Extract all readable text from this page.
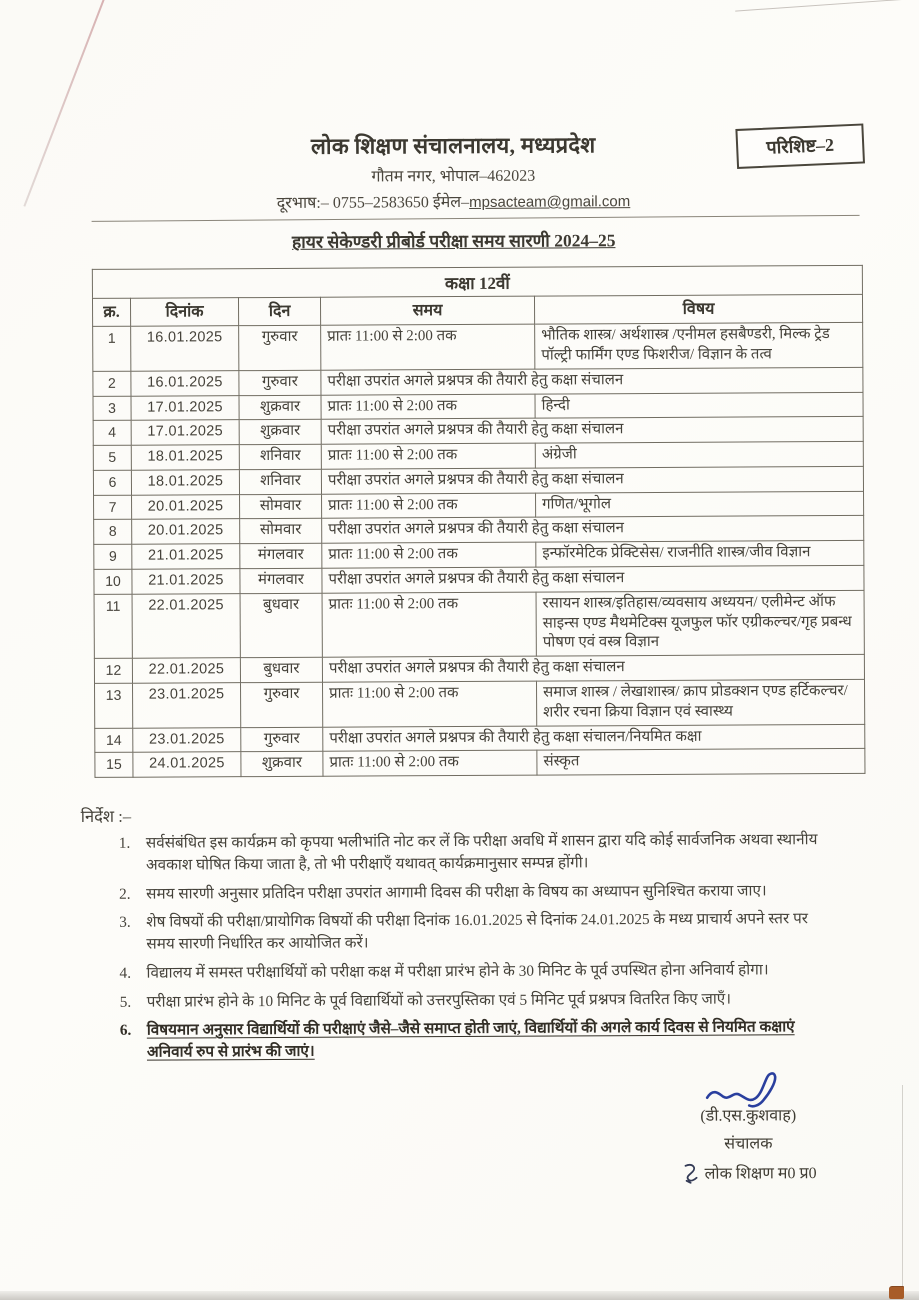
परिशिष्ट–2
लोक शिक्षण संचालनालय, मध्यप्रदेश
गौतम नगर, भोपाल–462023
दूरभाष:– 0755–2583650 ईमेल–mpsacteam@gmail.com
हायर सेकेण्डरी प्रीबोर्ड परीक्षा समय सारणी 2024–25
कक्षा 12वीं
क्र.	दिनांक	दिन	समय	विषय
1	16.01.2025	गुरुवार	प्रातः 11:00 से 2:00 तक	भौतिक शास्त्र/ अर्थशास्त्र /एनीमल हसबैण्डरी, मिल्क ट्रेड पॉल्ट्री फार्मिंग एण्ड फिशरीज/ विज्ञान के तत्व
2	16.01.2025	गुरुवार	परीक्षा उपरांत अगले प्रश्नपत्र की तैयारी हेतु कक्षा संचालन	
3	17.01.2025	शुक्रवार	प्रातः 11:00 से 2:00 तक	हिन्दी
4	17.01.2025	शुक्रवार	परीक्षा उपरांत अगले प्रश्नपत्र की तैयारी हेतु कक्षा संचालन	
5	18.01.2025	शनिवार	प्रातः 11:00 से 2:00 तक	अंग्रेजी
6	18.01.2025	शनिवार	परीक्षा उपरांत अगले प्रश्नपत्र की तैयारी हेतु कक्षा संचालन	
7	20.01.2025	सोमवार	प्रातः 11:00 से 2:00 तक	गणित/भूगोल
8	20.01.2025	सोमवार	परीक्षा उपरांत अगले प्रश्नपत्र की तैयारी हेतु कक्षा संचालन	
9	21.01.2025	मंगलवार	प्रातः 11:00 से 2:00 तक	इन्फॉरमेटिक प्रेक्टिसेस/ राजनीति शास्त्र/जीव विज्ञान
10	21.01.2025	मंगलवार	परीक्षा उपरांत अगले प्रश्नपत्र की तैयारी हेतु कक्षा संचालन	
11	22.01.2025	बुधवार	प्रातः 11:00 से 2:00 तक	रसायन शास्त्र/इतिहास/व्यवसाय अध्ययन/ एलीमेन्ट ऑफ साइन्स एण्ड मैथमेटिक्स यूजफुल फॉर एग्रीकल्चर/गृह प्रबन्ध पोषण एवं वस्त्र विज्ञान
12	22.01.2025	बुधवार	परीक्षा उपरांत अगले प्रश्नपत्र की तैयारी हेतु कक्षा संचालन	
13	23.01.2025	गुरुवार	प्रातः 11:00 से 2:00 तक	समाज शास्त्र / लेखाशास्त्र/ क्राप प्रोडक्शन एण्ड हर्टिकल्चर/शरीर रचना क्रिया विज्ञान एवं स्वास्थ्य
14	23.01.2025	गुरुवार	परीक्षा उपरांत अगले प्रश्नपत्र की तैयारी हेतु कक्षा संचालन/नियमित कक्षा	
15	24.01.2025	शुक्रवार	प्रातः 11:00 से 2:00 तक	संस्कृत
निर्देश :–
1.	सर्वसंबंधित इस कार्यक्रम को कृपया भलीभांति नोट कर लें कि परीक्षा अवधि में शासन द्वारा यदि कोई सार्वजनिक अथवा स्थानीय अवकाश घोषित किया जाता है, तो भी परीक्षाएँ यथावत् कार्यक्रमानुसार सम्पन्न होंगी।
2.	समय सारणी अनुसार प्रतिदिन परीक्षा उपरांत आगामी दिवस की परीक्षा के विषय का अध्यापन सुनिश्चित कराया जाए।
3.	शेष विषयों की परीक्षा/प्रायोगिक विषयों की परीक्षा दिनांक 16.01.2025 से दिनांक 24.01.2025 के मध्य प्राचार्य अपने स्तर पर समय सारणी निर्धारित कर आयोजित करें।
4.	विद्यालय में समस्त परीक्षार्थियों को परीक्षा कक्ष में परीक्षा प्रारंभ होने के 30 मिनिट के पूर्व उपस्थित होना अनिवार्य होगा।
5.	परीक्षा प्रारंभ होने के 10 मिनिट के पूर्व विद्यार्थियों को उत्तरपुस्तिका एवं 5 मिनिट पूर्व प्रश्नपत्र वितरित किए जाएँ।
6.	विषयमान अनुसार विद्यार्थियों की परीक्षाएं जैसे–जैसे समाप्त होती जाएं, विद्यार्थियों की अगले कार्य दिवस से नियमित कक्षाएं अनिवार्य रुप से प्रारंभ की जाएं।
(डी.एस.कुशवाह)
संचालक
लोक शिक्षण म0 प्र0
